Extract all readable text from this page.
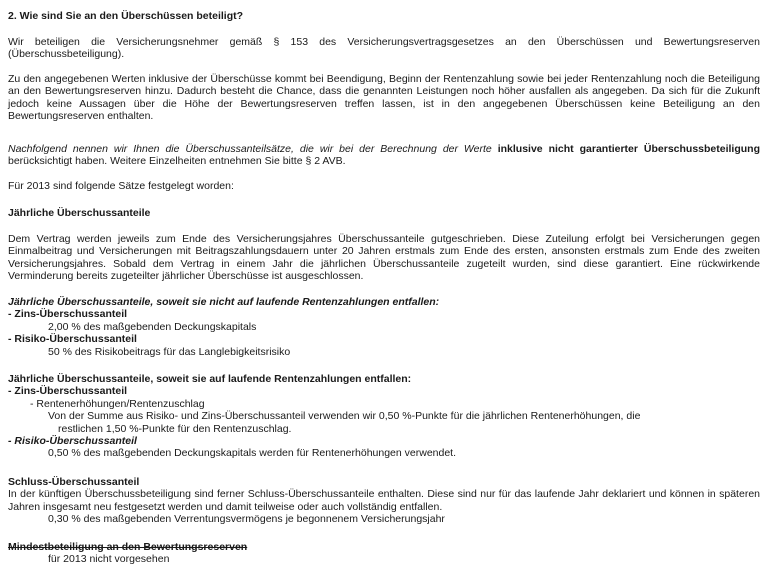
2. Wie sind Sie an den Überschüssen beteiligt?

Wir beteiligen die Versicherungsnehmer gemäß § 153 des Versicherungsvertragsgesetzes an den Überschüssen und Bewertungsreserven (Überschussbeteiligung).

Zu den angegebenen Werten inklusive der Überschüsse kommt bei Beendigung, Beginn der Rentenzahlung sowie bei jeder Rentenzahlung noch die Beteiligung an den Bewertungsreserven hinzu. Dadurch besteht die Chance, dass die genannten Leistungen noch höher ausfallen als angegeben. Da sich für die Zukunft jedoch keine Aussagen über die Höhe der Bewertungsreserven treffen lassen, ist in den angegebenen Überschüssen keine Beteiligung an den Bewertungsreserven enthalten.

Nachfolgend nennen wir Ihnen die Überschussanteilsätze, die wir bei der Berechnung der Werte inklusive nicht garantierter Überschussbeteiligung berücksichtigt haben. Weitere Einzelheiten entnehmen Sie bitte § 2 AVB.

Für 2013 sind folgende Sätze festgelegt worden:

Jährliche Überschussanteile

Dem Vertrag werden jeweils zum Ende des Versicherungsjahres Überschussanteile gutgeschrieben. Diese Zuteilung erfolgt bei Versicherungen gegen Einmalbeitrag und Versicherungen mit Beitragszahlungsdauern unter 20 Jahren erstmals zum Ende des ersten, ansonsten erstmals zum Ende des zweiten Versicherungsjahres. Sobald dem Vertrag in einem Jahr die jährlichen Überschussanteile zugeteilt wurden, sind diese garantiert. Eine rückwirkende Verminderung bereits zugeteilter jährlicher Überschüsse ist ausgeschlossen.

Jährliche Überschussanteile, soweit sie nicht auf laufende Rentenzahlungen entfallen:

- Zins-Überschussanteil

2,00 % des maßgebenden Deckungskapitals

- Risiko-Überschussanteil

50 % des Risikobeitrags für das Langlebigkeitsrisiko

Jährliche Überschussanteile, soweit sie auf laufende Rentenzahlungen entfallen:

- Zins-Überschussanteil

- Rentenerhöhungen/Rentenzuschlag

Von der Summe aus Risiko- und Zins-Überschussanteil verwenden wir 0,50 %-Punkte für die jährlichen Rentenerhöhungen, die

restlichen 1,50 %-Punkte für den Rentenzuschlag.

- Risiko-Überschussanteil

0,50 % des maßgebenden Deckungskapitals werden für Rentenerhöhungen verwendet.

Schluss-Überschussanteil

In der künftigen Überschussbeteiligung sind ferner Schluss-Überschussanteile enthalten. Diese sind nur für das laufende Jahr deklariert und können in späteren Jahren insgesamt neu festgesetzt werden und damit teilweise oder auch vollständig entfallen.

0,30 % des maßgebenden Verrentungsvermögens je begonnenem Versicherungsjahr

Mindestbeteiligung an den Bewertungsreserven

für 2013 nicht vorgesehen
